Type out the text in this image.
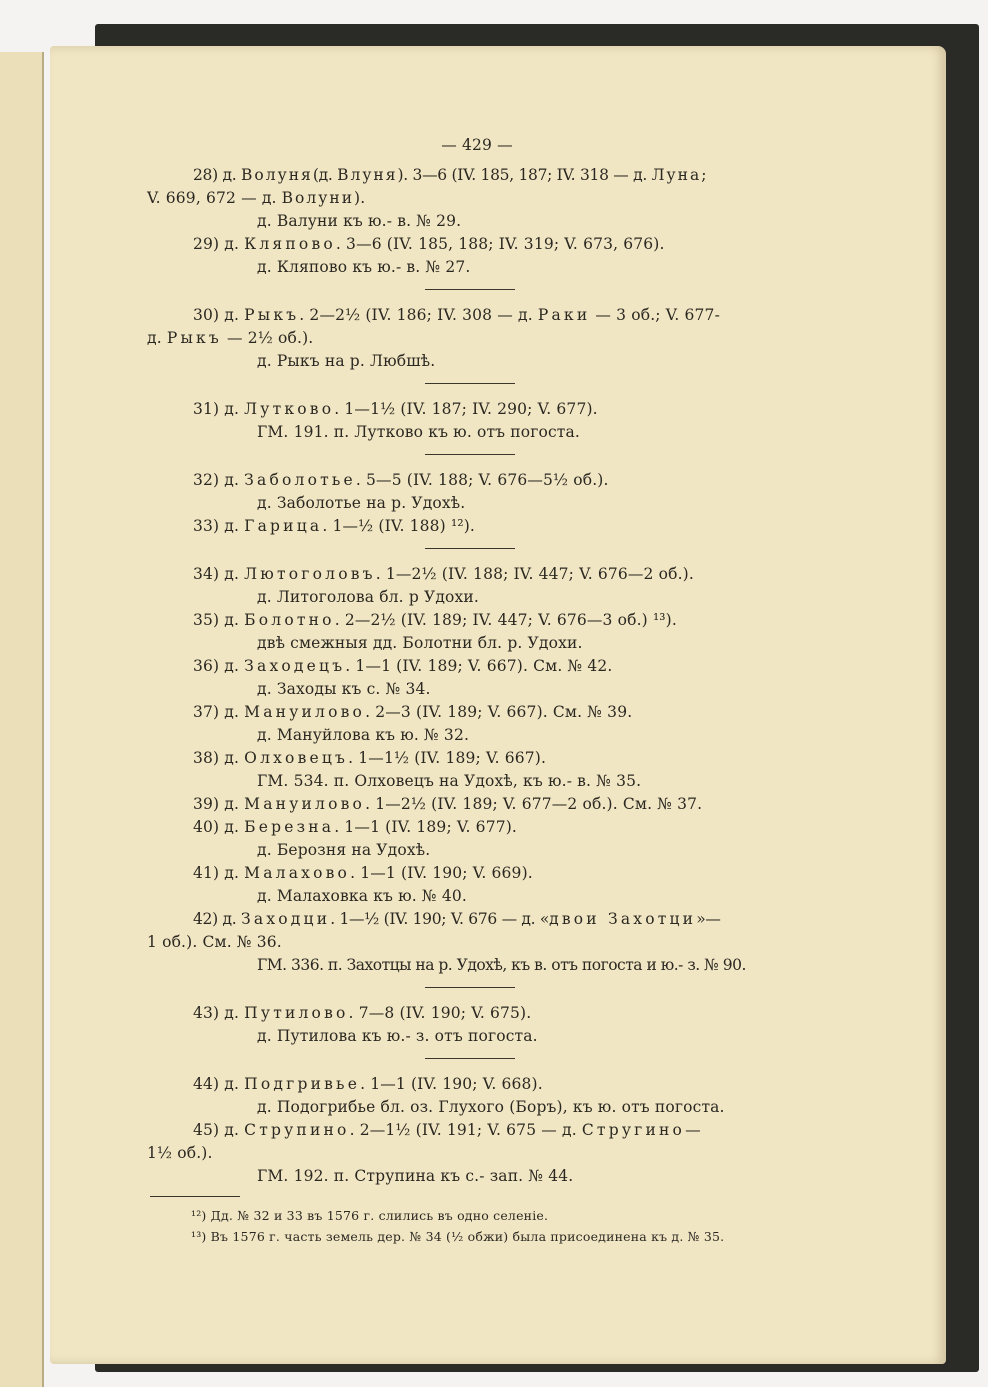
— 429 —

28) д. Волуня(д. Влуня). 3—6 (IV. 185, 187; IV. 318 — д. Луна;
V. 669, 672 — д. Волуни).
д. Валуни къ ю.- в. № 29.
29) д. Кляпово. 3—6 (IV. 185, 188; IV. 319; V. 673, 676).
д. Кляпово къ ю.- в. № 27.
30) д. Рыкъ. 2—2½ (IV. 186; IV. 308 — д. Раки — 3 об.; V. 677-
д. Рыкъ — 2½ об.).
д. Рыкъ на р. Любшѣ.
31) д. Лутково. 1—1½ (IV. 187; IV. 290; V. 677).
ГМ. 191. п. Лутково къ ю. отъ погоста.
32) д. Заболотье. 5—5 (IV. 188; V. 676—5½ об.).
д. Заболотье на р. Удохѣ.
33) д. Гарица. 1—½ (IV. 188) ¹²).
34) д. Лютоголовъ. 1—2½ (IV. 188; IV. 447; V. 676—2 об.).
д. Литоголова бл. р Удохи.
35) д. Болотно. 2—2½ (IV. 189; IV. 447; V. 676—3 об.) ¹³).
двѣ смежныя дд. Болотни бл. р. Удохи.
36) д. Заходецъ. 1—1 (IV. 189; V. 667). См. № 42.
д. Заходы къ с. № 34.
37) д. Мануилово. 2—3 (IV. 189; V. 667). См. № 39.
д. Мануйлова къ ю. № 32.
38) д. Олховецъ. 1—1½ (IV. 189; V. 667).
ГМ. 534. п. Олховецъ на Удохѣ, къ ю.- в. № 35.
39) д. Мануилово. 1—2½ (IV. 189; V. 677—2 об.). См. № 37.
40) д. Березна. 1—1 (IV. 189; V. 677).
д. Берозня на Удохѣ.
41) д. Малахово. 1—1 (IV. 190; V. 669).
д. Малаховка къ ю. № 40.
42) д. Заходци. 1—½ (IV. 190; V. 676 — д. «двои Захотци»—
1 об.). См. № 36.
ГМ. 336. п. Захотцы на р. Удохѣ, къ в. отъ погоста и ю.- з. № 90.
43) д. Путилово. 7—8 (IV. 190; V. 675).
д. Путилова къ ю.- з. отъ погоста.
44) д. Подгривье. 1—1 (IV. 190; V. 668).
д. Подогрибье бл. оз. Глухого (Боръ), къ ю. отъ погоста.
45) д. Струпино. 2—1½ (IV. 191; V. 675 — д. Стругино—
1½ об.).
ГМ. 192. п. Струпина къ с.- зап. № 44.
¹²) Дд. № 32 и 33 въ 1576 г. слились въ одно селеніе.
¹³) Въ 1576 г. часть земель дер. № 34 (½ обжи) была присоединена къ д. № 35.
